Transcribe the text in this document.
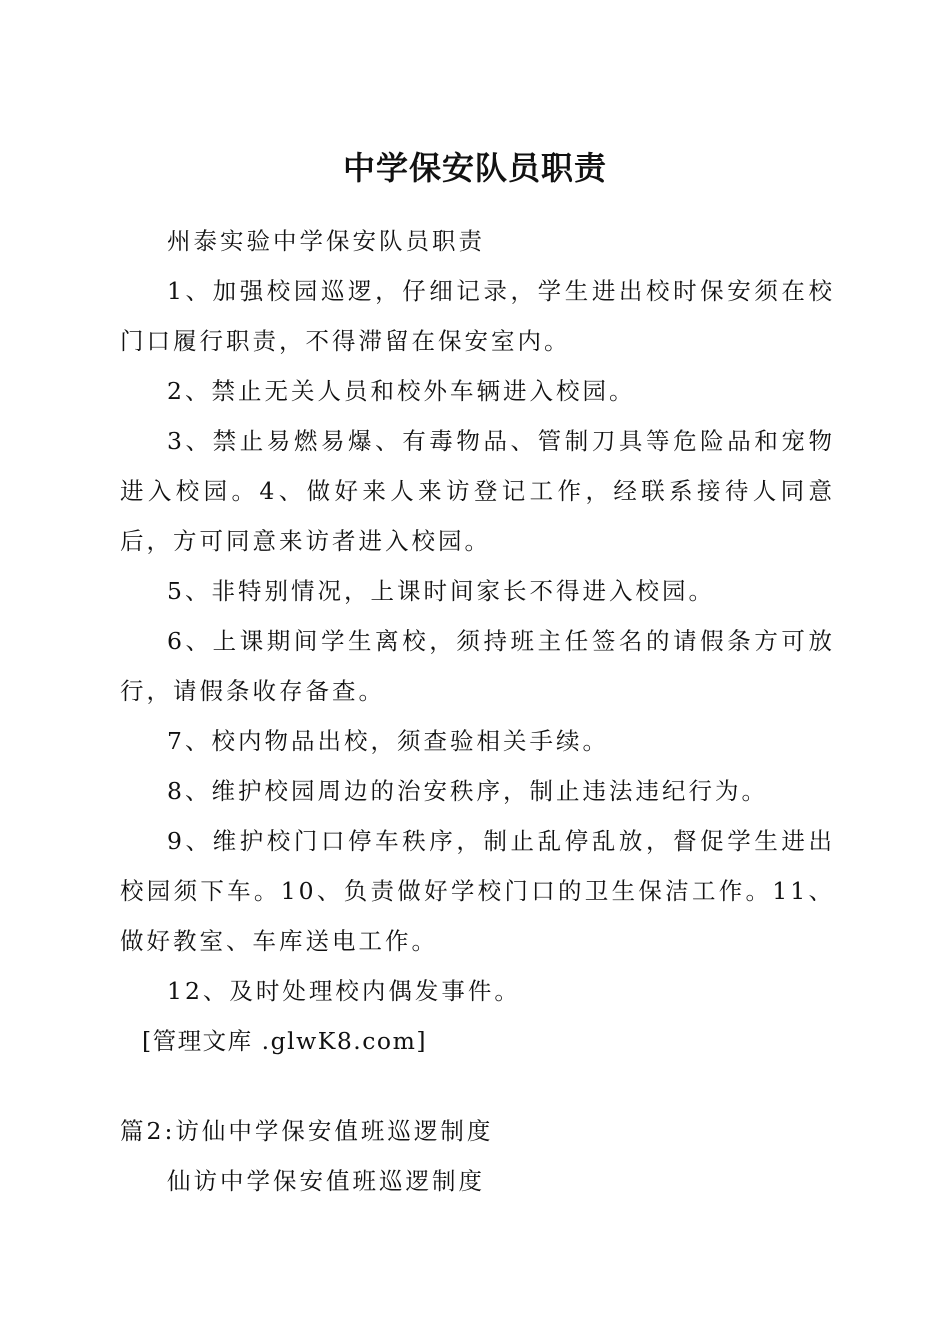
中学保安队员职责

州泰实验中学保安队员职责

1、加强校园巡逻，仔细记录，学生进出校时保安须在校门口履行职责，不得滞留在保安室内。

2、禁止无关人员和校外车辆进入校园。

3、禁止易燃易爆、有毒物品、管制刀具等危险品和宠物进入校园。4、做好来人来访登记工作，经联系接待人同意后，方可同意来访者进入校园。

5、非特别情况，上课时间家长不得进入校园。

6、上课期间学生离校，须持班主任签名的请假条方可放行，请假条收存备查。

7、校内物品出校，须查验相关手续。

8、维护校园周边的治安秩序，制止违法违纪行为。

9、维护校门口停车秩序，制止乱停乱放，督促学生进出校园须下车。10、负责做好学校门口的卫生保洁工作。11、做好教室、车库送电工作。

12、及时处理校内偶发事件。

[管理文库 .glwK8.com]

篇2:访仙中学保安值班巡逻制度

仙访中学保安值班巡逻制度
